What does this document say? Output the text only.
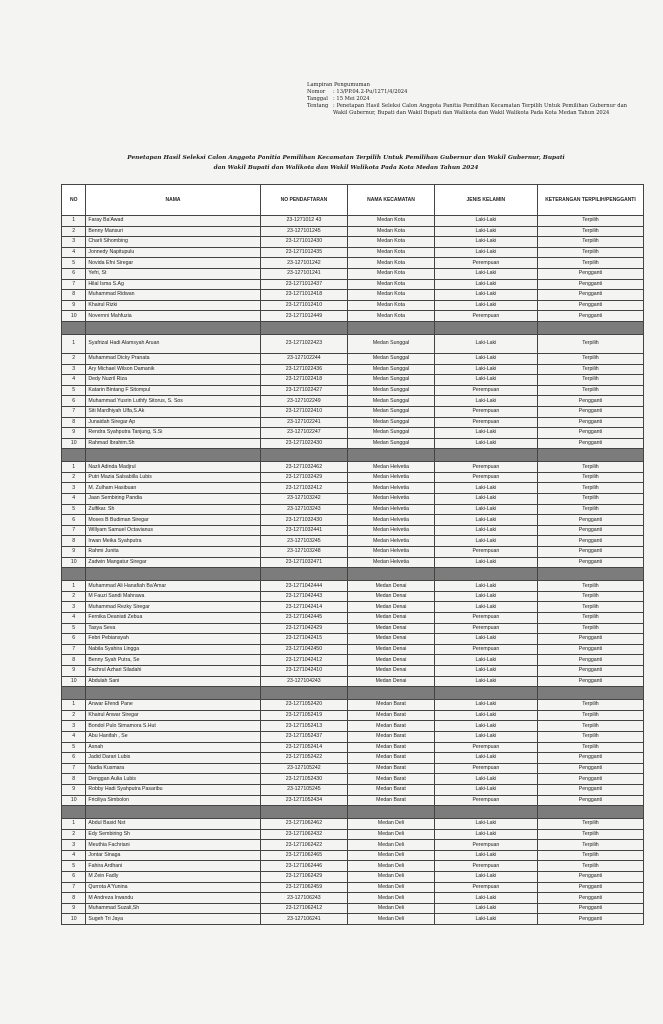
Lampiran Pengumuman
Nomor	: 13/PP.04.2-Pu/1271/4/2024
Tanggal : 15 Mei 2024
Tentang : Penetapan Hasil Seleksi Calon Anggota Panitia Pemilihan Kecamatan Terpilih Untuk Pemilihan Gubernur dan Wakil Gubernur, Bupati dan Wakil Bupati dan Walikota dan Wakil Walikota Pada Kota Medan Tahun 2024
Penetapan Hasil Seleksi Calon Anggota Panitia Pemilihan Kecamatan Terpilih Untuk Pemilihan Gubernur dan Wakil Gubernur, Bupati
dan Wakil Bupati dan Walikota dan Wakil Walikota Pada Kota Medan Tahun 2024
NO	NAMA	NO PENDAFTARAN	NAMA KECAMATAN	JENIS KELAMIN	KETERANGAN TERPILIH/PENGGANTI
1	Faray Ba'Awad	23-1271012 43	Medan Kota	Laki-Laki	Terpilih
2	Benny Mansuri	23-127101245	Medan Kota	Laki-Laki	Terpilih
3	Charli Sihombing	23-1271012430	Medan Kota	Laki-Laki	Terpilih
4	Jonnedy Napitupulu	23-1271012435	Medan Kota	Laki-Laki	Terpilih
5	Novida Efni Siregar	23-127101242	Medan Kota	Perempuan	Terpilih
6	Yefri, St	23-127101241	Medan Kota	Laki-Laki	Pengganti
7	Hilal Isma S.Ag	23-1271012437	Medan Kota	Laki-Laki	Pengganti
8	Muhammad Ridwan	23-1271012418	Medan Kota	Laki-Laki	Pengganti
9	Khairul Rizki	23-1271012410	Medan Kota	Laki-Laki	Pengganti
10	Novernni Mahfuzia	23-1271012449	Medan Kota	Perempuan	Pengganti

1	Syafrizal Hadi Alamsyah Aruan	23-1271022423	Medan Sunggal	Laki-Laki	Terpilih
2	Muhammad Dicky Pranata	23-127102244	Medan Sunggal	Laki-Laki	Terpilih
3	Ary Michael Wilson Damanik	23-1271022436	Medan Sunggal	Laki-Laki	Terpilih
4	Dedy Nuzril Riza	23-1271022418	Medan Sunggal	Laki-Laki	Terpilih
5	Katarin Bintang F Sitompul	23-1271022427	Medan Sunggal	Perempuan	Terpilih
6	Muhammad Yusrin Luthfy Sitorus, S. Sos	23-127102249	Medan Sunggal	Laki-Laki	Pengganti
7	Siti Mardhiyah Ulfa,S.Ak	23-1271022410	Medan Sunggal	Perempuan	Pengganti
8	Junaidah Siregar Ap	23-127102241	Medan Sunggal	Perempuan	Pengganti
9	Rendra Syahputra Tanjung, S.Si	23-127102247	Medan Sunggal	Laki-Laki	Pengganti
10	Rahmad Ibrahim.Sh	23-1271022430	Medan Sunggal	Laki-Laki	Pengganti

1	Nazli Adinda Madjrul	23-1271032462	Medan Helvetia	Perempuan	Terpilih
2	Putri Mazia Salsabilla Lubis	23-1271032429	Medan Helvetia	Perempuan	Terpilih
3	M. Zulham Hasibuan	23-1271032412	Medan Helvetia	Laki-Laki	Terpilih
4	Jaan Sembiring Pandia	23-127103242	Medan Helvetia	Laki-Laki	Terpilih
5	Zulfikar. Sh	23-127103243	Medan Helvetia	Laki-Laki	Terpilih
6	Moses B Budiman Siregar	23-1271032430	Medan Helvetia	Laki-Laki	Pengganti
7	Willyam Samuel Octavianus	23-1271032441	Medan Helvetia	Laki-Laki	Pengganti
8	Irwan Meika Syahputra	23-127103245	Medan Helvetia	Laki-Laki	Pengganti
9	Rahmi Junita	23-127103248	Medan Helvetia	Perempuan	Pengganti
10	Zadwin Mangatur Siregar	23-1271032471	Medan Helvetia	Laki-Laki	Pengganti

1	Muhammad Ali Hanafiah Ba'Amar	23-1271042444	Medan Denai	Laki-Laki	Terpilih
2	M Fauzi Sandi Mahrawa	23-1271042443	Medan Denai	Laki-Laki	Terpilih
3	Muhammad Rezky Siregar	23-1271042414	Medan Denai	Laki-Laki	Terpilih
4	Fernika Deaniati Zebua	23-1271042445	Medan Denai	Perempuan	Terpilih
5	Tasya Seva	23-1271042429	Medan Denai	Perempuan	Terpilih
6	Febri Pebiansyah	23-1271042415	Medan Denai	Laki-Laki	Pengganti
7	Nabila Syahira Lingga	23-1271042450	Medan Denai	Perempuan	Pengganti
8	Benny Syah Putra, Se	23-1271042412	Medan Denai	Laki-Laki	Pengganti
9	Fachrul Azhari Siladahi	23-1271042410	Medan Denai	Laki-Laki	Pengganti
10	Abdulah Sani	23-127104243	Medan Denai	Laki-Laki	Pengganti

1	Anwar Efendi Pane	23-1271052420	Medan Barat	Laki-Laki	Terpilih
2	Khairul Anwar Siregar	23-1271052419	Medan Barat	Laki-Laki	Terpilih
3	Bondol Pulo Simamora S.Hut	23-1271052413	Medan Barat	Laki-Laki	Terpilih
4	Abu Hanifah , Se	23-1271052437	Medan Barat	Laki-Laki	Terpilih
5	Asnah	23-1271052414	Medan Barat	Perempuan	Terpilih
6	Jadid Darari Lubis	23-1271052422	Medan Barat	Laki-Laki	Pengganti
7	Nadia Kusmara	23-127105242	Medan Barat	Perempuan	Pengganti
8	Denggan Aulia Lubis	23-1271052430	Medan Barat	Laki-Laki	Pengganti
9	Robby Hadi Syahputra Pasaribu	23-127105245	Medan Barat	Laki-Laki	Pengganti
10	Friciliya Simbolon	23-1271052434	Medan Barat	Perempuan	Pengganti

1	Abdul Basid Nst	23-1271062462	Medan Deli	Laki-Laki	Terpilih
2	Edy Sembiring Sh	23-1271062432	Medan Deli	Laki-Laki	Terpilih
3	Meuthia Fachriani	23-1271062422	Medan Deli	Perempuan	Terpilih
4	Jontar Sinaga	23-1271062465	Medan Deli	Laki-Laki	Terpilih
5	Fahira Ardhani	23-1271062446	Medan Deli	Perempuan	Terpilih
6	M Zein Fadly	23-1271062429	Medan Deli	Laki-Laki	Pengganti
7	Qurrota A'Yunina	23-1271062459	Medan Deli	Perempuan	Pengganti
8	M Andreza Irwandu	23-127106243	Medan Deli	Laki-Laki	Pengganti
9	Muhammad Suzali,Sh	23-1271062412	Medan Deli	Laki-Laki	Pengganti
10	Sugeh Tri Jaya	23-127106241	Medan Deli	Laki-Laki	Pengganti
